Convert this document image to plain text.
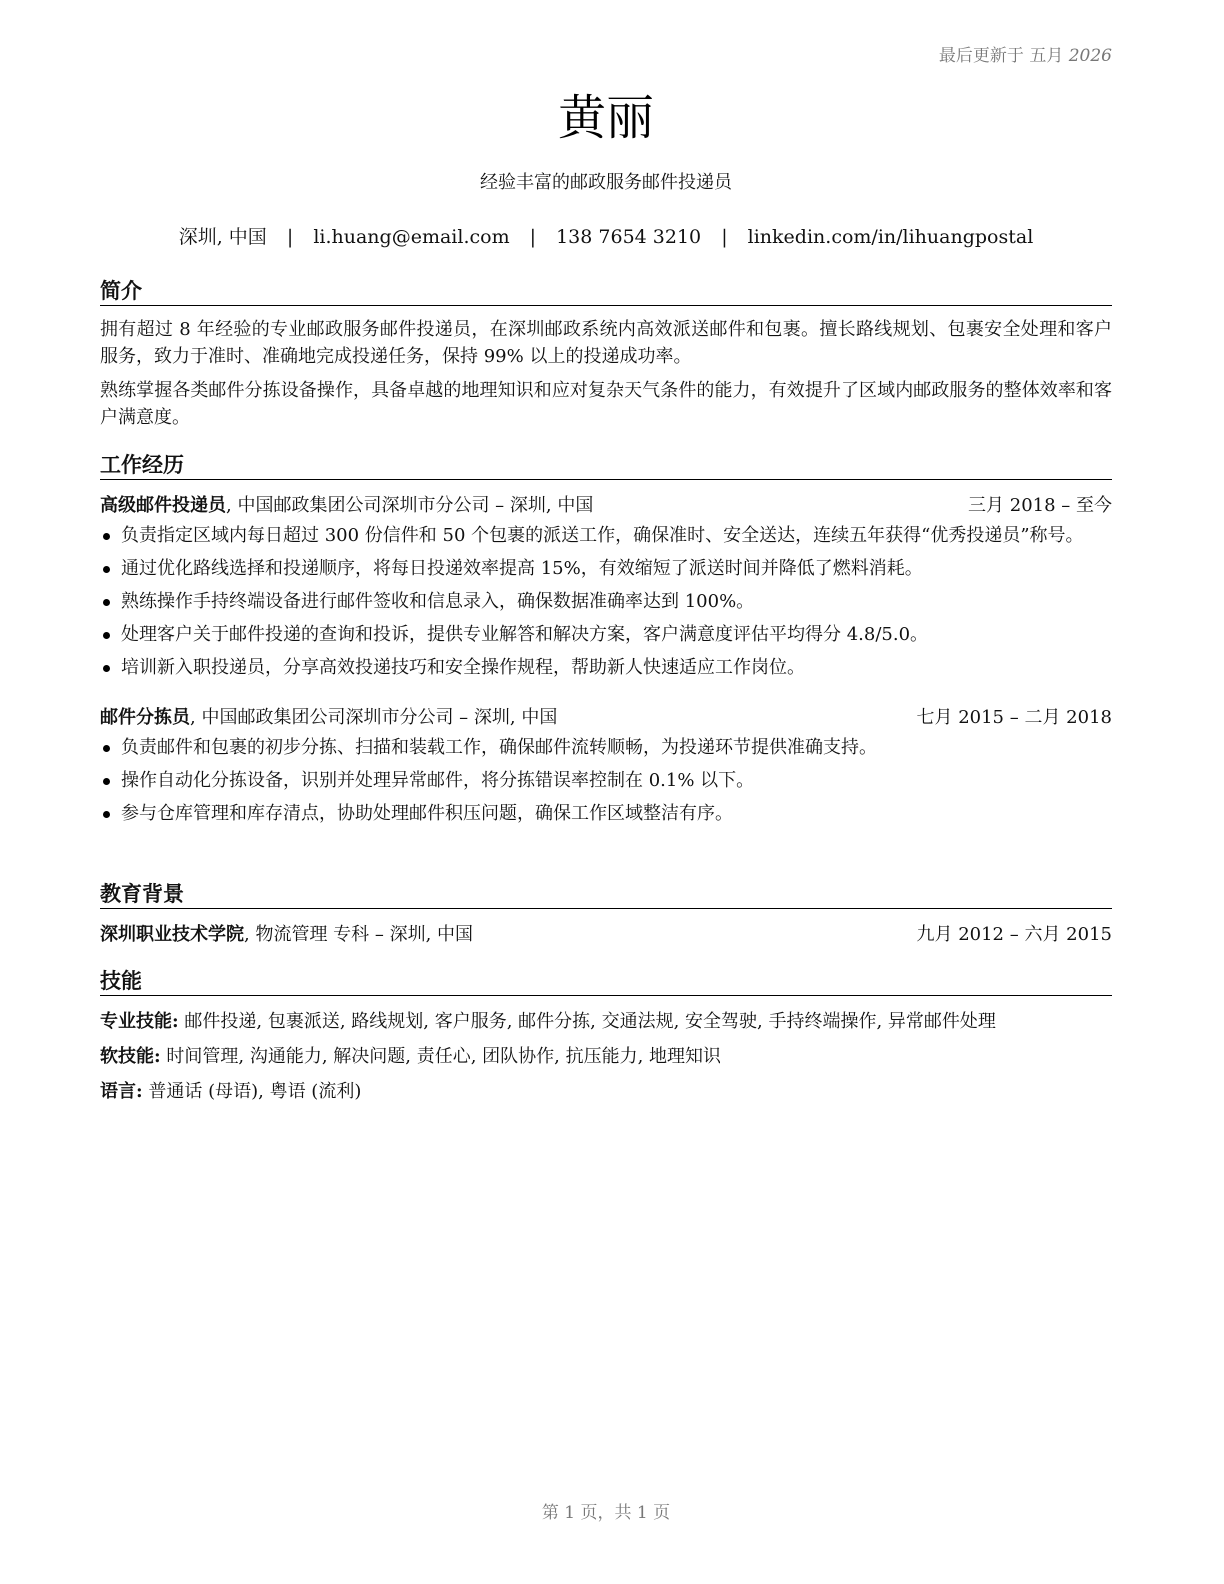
最后更新于 五月 2026
黄丽
经验丰富的邮政服务邮件投递员
深圳, 中国 | li.huang@email.com | 138 7654 3210 | linkedin.com/in/lihuangpostal
简介

拥有超过 8 年经验的专业邮政服务邮件投递员，在深圳邮政系统内高效派送邮件和包裹。擅长路线规划、包裹安全处理和客户服务，致力于准时、准确地完成投递任务，保持 99% 以上的投递成功率。

熟练掌握各类邮件分拣设备操作，具备卓越的地理知识和应对复杂天气条件的能力，有效提升了区域内邮政服务的整体效率和客户满意度。

工作经历
高级邮件投递员, 中国邮政集团公司深圳市分公司 – 深圳, 中国	三月 2018 – 至今
负责指定区域内每日超过 300 份信件和 50 个包裹的派送工作，确保准时、安全送达，连续五年获得“优秀投递员”称号。
通过优化路线选择和投递顺序，将每日投递效率提高 15%，有效缩短了派送时间并降低了燃料消耗。
熟练操作手持终端设备进行邮件签收和信息录入，确保数据准确率达到 100%。
处理客户关于邮件投递的查询和投诉，提供专业解答和解决方案，客户满意度评估平均得分 4.8/5.0。
培训新入职投递员，分享高效投递技巧和安全操作规程，帮助新人快速适应工作岗位。
邮件分拣员, 中国邮政集团公司深圳市分公司 – 深圳, 中国	七月 2015 – 二月 2018
负责邮件和包裹的初步分拣、扫描和装载工作，确保邮件流转顺畅，为投递环节提供准确支持。
操作自动化分拣设备，识别并处理异常邮件，将分拣错误率控制在 0.1% 以下。
参与仓库管理和库存清点，协助处理邮件积压问题，确保工作区域整洁有序。
教育背景
深圳职业技术学院, 物流管理 专科 – 深圳, 中国	九月 2012 – 六月 2015
技能
专业技能: 邮件投递, 包裹派送, 路线规划, 客户服务, 邮件分拣, 交通法规, 安全驾驶, 手持终端操作, 异常邮件处理
软技能: 时间管理, 沟通能力, 解决问题, 责任心, 团队协作, 抗压能力, 地理知识
语言: 普通话 (母语), 粤语 (流利)
第 1 页，共 1 页
